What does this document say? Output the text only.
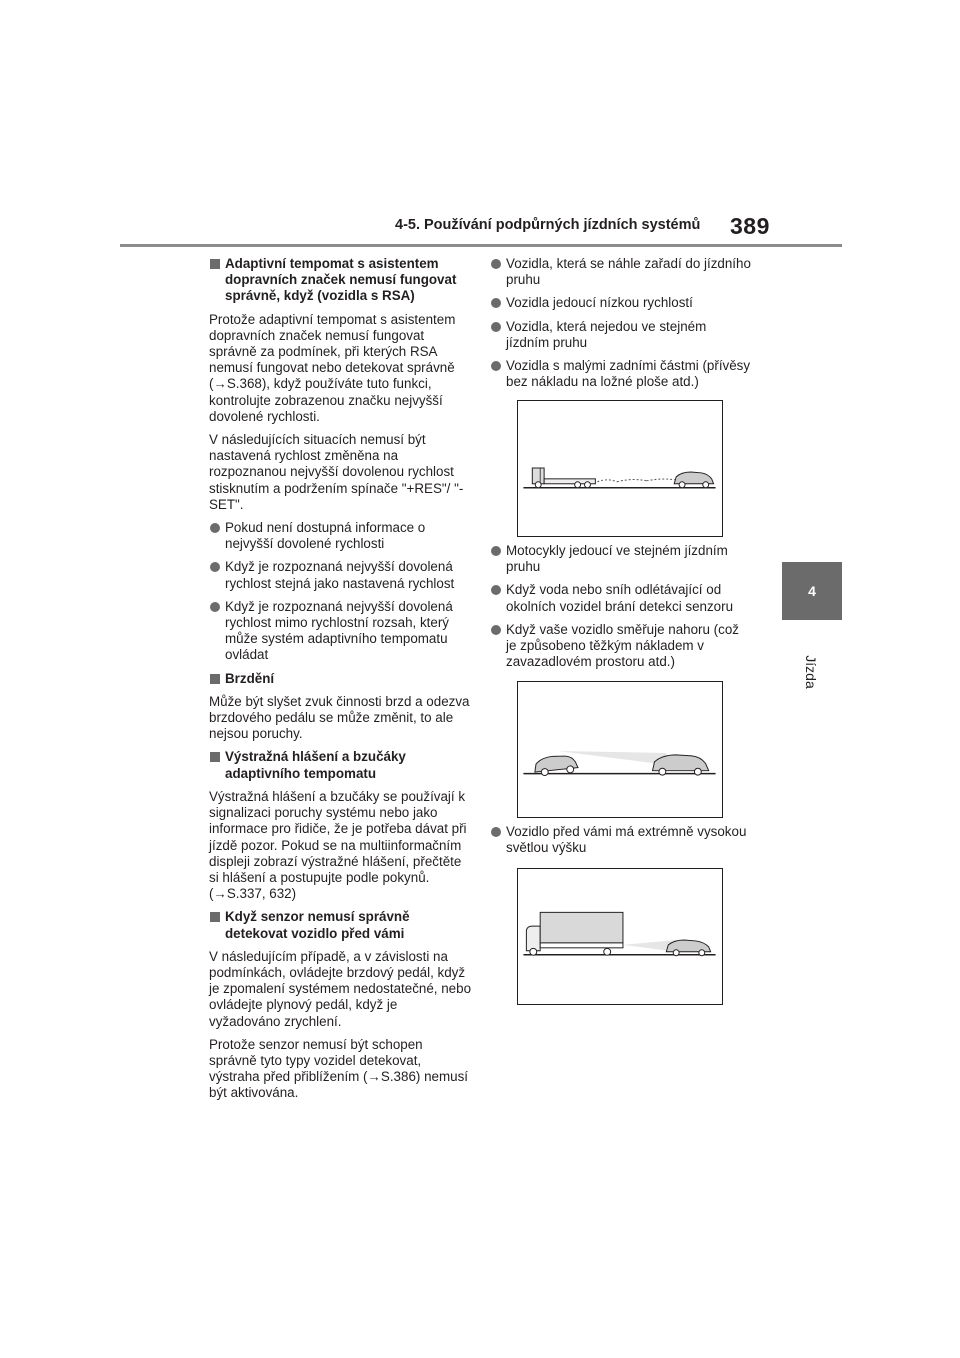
4-5. Používání podpůrných jízdních systémů 389
4
Jízda
Adaptivní tempomat s asistentem dopravních značek nemusí fungovat správně, když (vozidla s RSA)

Protože adaptivní tempomat s asistentem dopravních značek nemusí fungovat správně za podmínek, při kterých RSA nemusí fungovat nebo detekovat správně (→S.368), když používáte tuto funkci, kontrolujte zobrazenou značku nejvyšší dovolené rychlosti.

V následujících situacích nemusí být nastavená rychlost změněna na rozpoznanou nejvyšší dovolenou rychlost stisknutím a podržením spínače "+RES"/ "-SET".

Pokud není dostupná informace o nejvyšší dovolené rychlosti
Když je rozpoznaná nejvyšší dovolená rychlost stejná jako nastavená rychlost
Když je rozpoznaná nejvyšší dovolená rychlost mimo rychlostní rozsah, který může systém adaptivního tempomatu ovládat
Brzdění

Může být slyšet zvuk činnosti brzd a odezva brzdového pedálu se může změnit, to ale nejsou poruchy.

Výstražná hlášení a bzučáky adaptivního tempomatu

Výstražná hlášení a bzučáky se používají k signalizaci poruchy systému nebo jako informace pro řidiče, že je potřeba dávat při jízdě pozor. Pokud se na multiinformačním displeji zobrazí výstražné hlášení, přečtěte si hlášení a postupujte podle pokynů. (→S.337, 632)

Když senzor nemusí správně detekovat vozidlo před vámi

V následujícím případě, a v závislosti na podmínkách, ovládejte brzdový pedál, když je zpomalení systémem nedostatečné, nebo ovládejte plynový pedál, když je vyžadováno zrychlení.

Protože senzor nemusí být schopen správně tyto typy vozidel detekovat, výstraha před přiblížením (→S.386) nemusí být aktivována.

Vozidla, která se náhle zařadí do jízdního pruhu
Vozidla jedoucí nízkou rychlostí
Vozidla, která nejedou ve stejném jízdním pruhu
Vozidla s malými zadními částmi (přívěsy bez nákladu na ložné ploše atd.)
Motocykly jedoucí ve stejném jízdním pruhu
Když voda nebo sníh odlétávající od okolních vozidel brání detekci senzoru
Když vaše vozidlo směřuje nahoru (což je způsobeno těžkým nákladem v zavazadlovém prostoru atd.)
Vozidlo před vámi má extrémně vysokou světlou výšku
